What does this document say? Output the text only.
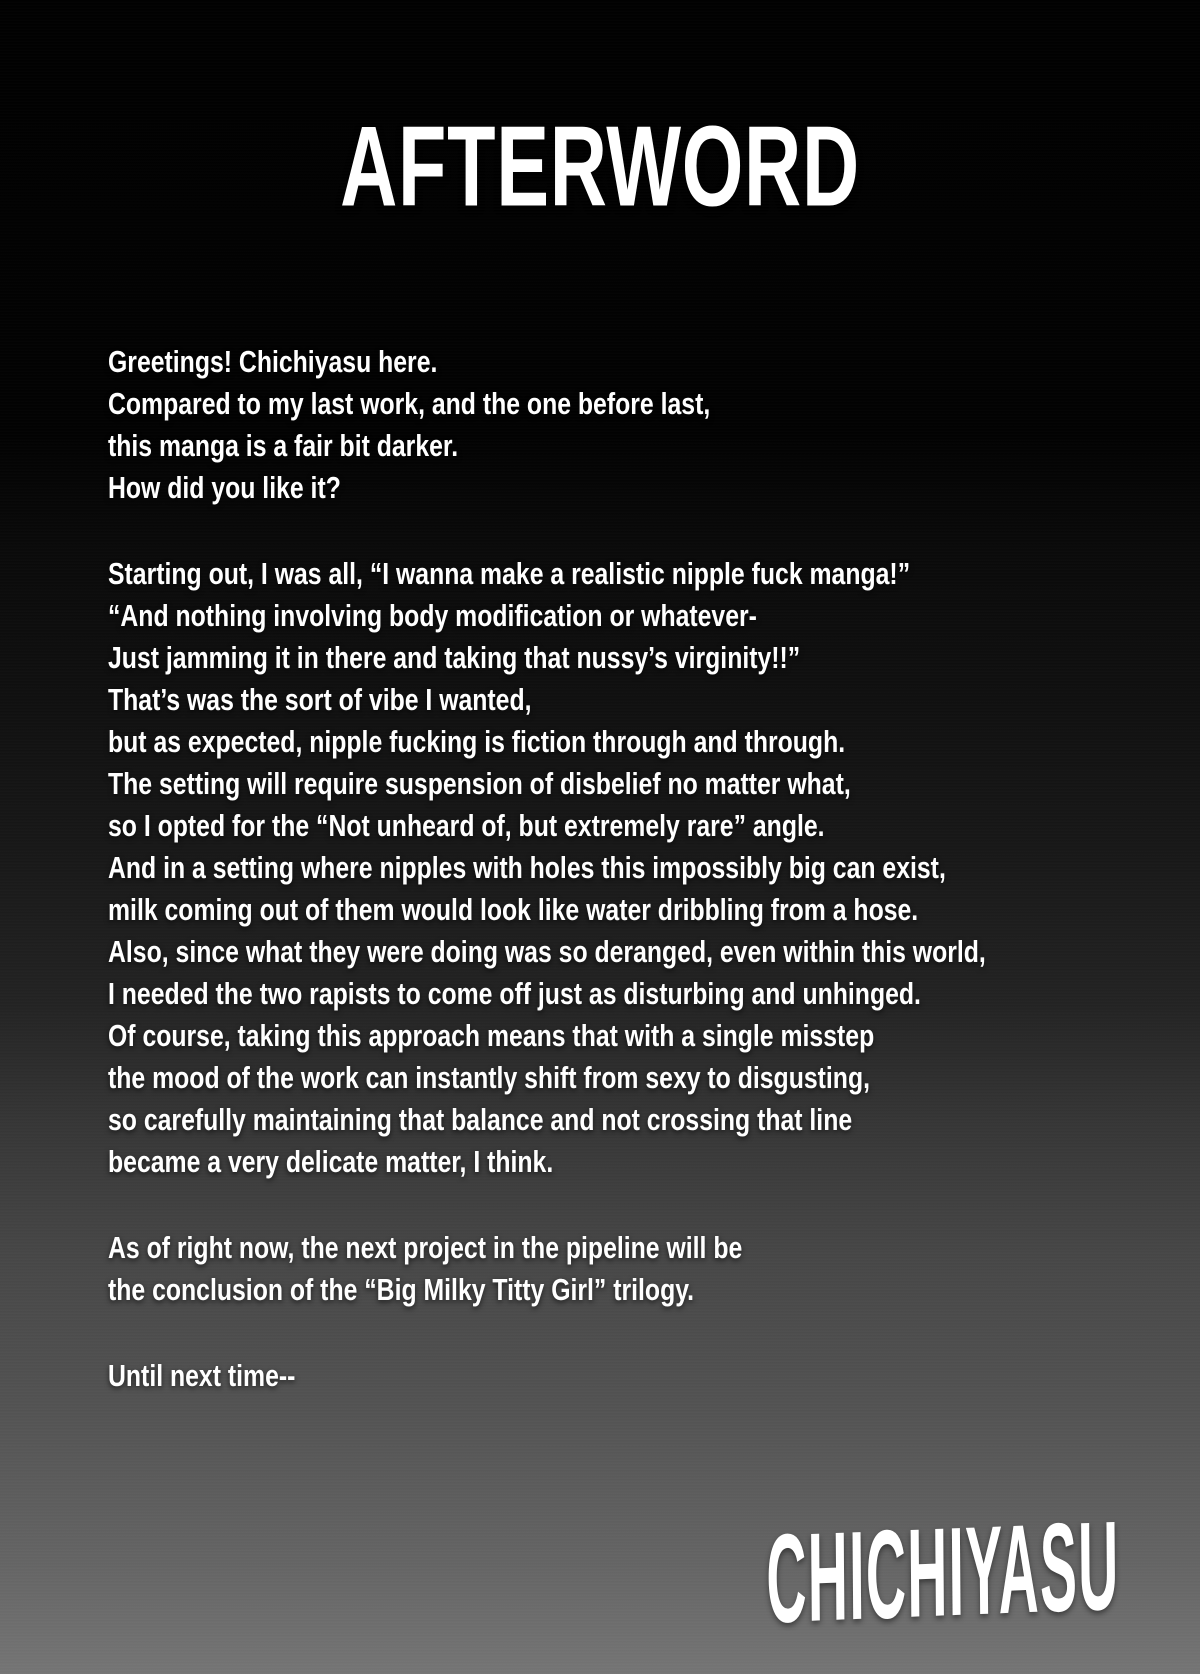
AFTERWORD
Greetings! Chichiyasu here.
Compared to my last work, and the one before last,
this manga is a fair bit darker.
How did you like it?
Starting out, I was all, “I wanna make a realistic nipple fuck manga!”
“And nothing involving body modification or whatever-
Just jamming it in there and taking that nussy’s virginity!!”
That’s was the sort of vibe I wanted,
but as expected, nipple fucking is fiction through and through.
The setting will require suspension of disbelief no matter what,
so I opted for the “Not unheard of, but extremely rare” angle.
And in a setting where nipples with holes this impossibly big can exist,
milk coming out of them would look like water dribbling from a hose.
Also, since what they were doing was so deranged, even within this world,
I needed the two rapists to come off just as disturbing and unhinged.
Of course, taking this approach means that with a single misstep
the mood of the work can instantly shift from sexy to disgusting,
so carefully maintaining that balance and not crossing that line
became a very delicate matter, I think.
As of right now, the next project in the pipeline will be
the conclusion of the “Big Milky Titty Girl” trilogy.
Until next time--
CHICHIYASU
